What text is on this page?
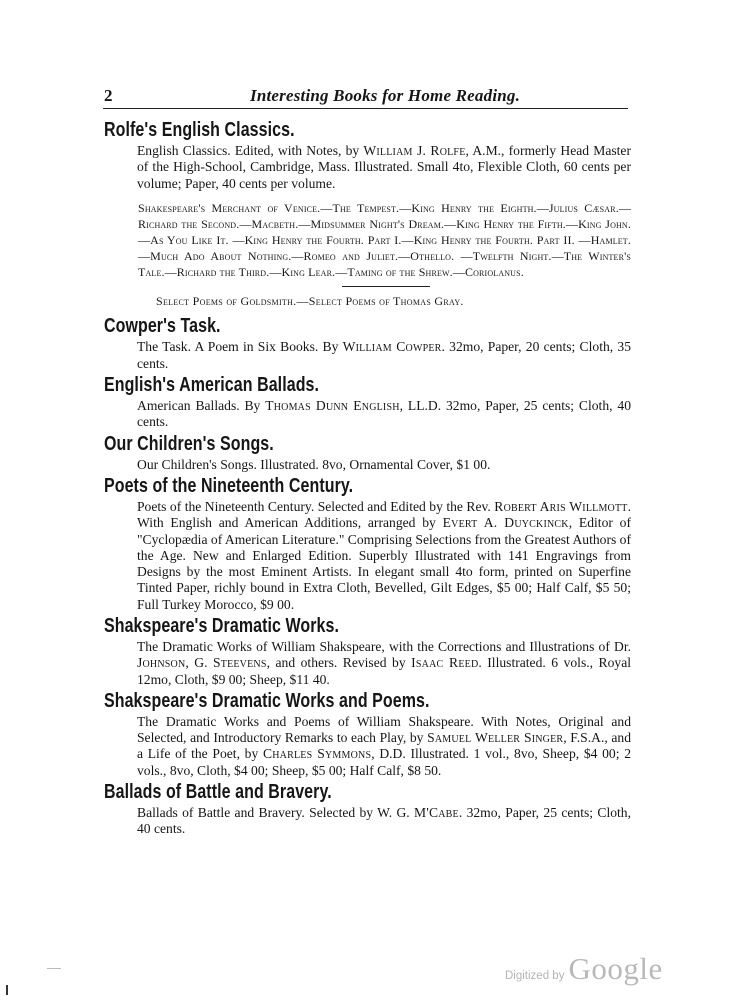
2	Interesting Books for Home Reading.
Rolfe's English Classics.
English Classics. Edited, with Notes, by William J. Rolfe, A.M., formerly Head Master of the High-School, Cambridge, Mass. Illustrated. Small 4to, Flexible Cloth, 60 cents per volume; Paper, 40 cents per volume.
Shakespeare's Merchant of Venice.—The Tempest.—King Henry the Eighth.—Julius Cæsar.—Richard the Second.—Macbeth.—Midsummer Night's Dream.—King Henry the Fifth.—King John.—As You Like It. —King Henry the Fourth. Part I.—King Henry the Fourth. Part II. —Hamlet.—Much Ado About Nothing.—Romeo and Juliet.—Othello. —Twelfth Night.—The Winter's Tale.—Richard the Third.—King Lear.—Taming of the Shrew.—Coriolanus.
Select Poems of Goldsmith.—Select Poems of Thomas Gray.
Cowper's Task.
The Task. A Poem in Six Books. By William Cowper. 32mo, Paper, 20 cents; Cloth, 35 cents.
English's American Ballads.
American Ballads. By Thomas Dunn English, LL.D. 32mo, Paper, 25 cents; Cloth, 40 cents.
Our Children's Songs.
Our Children's Songs. Illustrated. 8vo, Ornamental Cover, $1 00.
Poets of the Nineteenth Century.
Poets of the Nineteenth Century. Selected and Edited by the Rev. Robert Aris Willmott. With English and American Additions, arranged by Evert A. Duyckinck, Editor of "Cyclopædia of American Literature." Comprising Selections from the Greatest Authors of the Age. New and Enlarged Edition. Superbly Illustrated with 141 Engravings from Designs by the most Eminent Artists. In elegant small 4to form, printed on Superfine Tinted Paper, richly bound in Extra Cloth, Bevelled, Gilt Edges, $5 00; Half Calf, $5 50; Full Turkey Morocco, $9 00.
Shakspeare's Dramatic Works.
The Dramatic Works of William Shakspeare, with the Corrections and Illustrations of Dr. Johnson, G. Steevens, and others. Revised by Isaac Reed. Illustrated. 6 vols., Royal 12mo, Cloth, $9 00; Sheep, $11 40.
Shakspeare's Dramatic Works and Poems.
The Dramatic Works and Poems of William Shakspeare. With Notes, Original and Selected, and Introductory Remarks to each Play, by Samuel Weller Singer, F.S.A., and a Life of the Poet, by Charles Symmons, D.D. Illustrated. 1 vol., 8vo, Sheep, $4 00; 2 vols., 8vo, Cloth, $4 00; Sheep, $5 00; Half Calf, $8 50.
Ballads of Battle and Bravery.
Ballads of Battle and Bravery. Selected by W. G. M'Cabe. 32mo, Paper, 25 cents; Cloth, 40 cents.
Digitized by Google
